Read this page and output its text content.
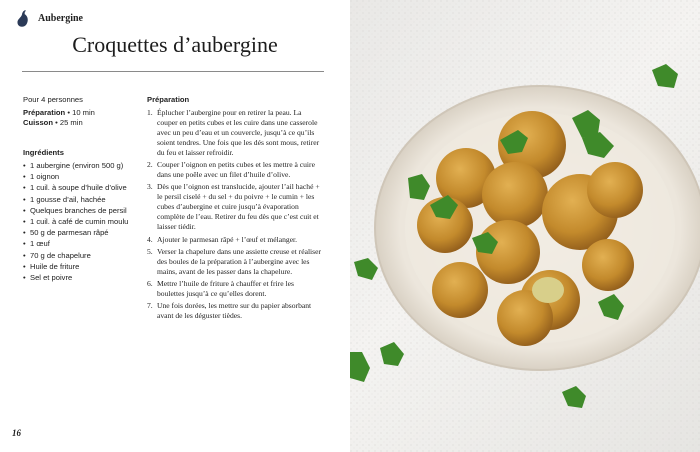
Aubergine
Croquettes d’aubergine
Pour 4 personnes
Préparation • 10 min
Cuisson • 25 min
Ingrédients
• 1 aubergine (environ 500 g)
• 1 oignon
• 1 cuil. à soupe d’huile d’olive
• 1 gousse d’ail, hachée
• Quelques branches de persil
• 1 cuil. à café de cumin moulu
• 50 g de parmesan râpé
• 1 œuf
• 70 g de chapelure
• Huile de friture
• Sel et poivre
Préparation
1. Éplucher l’aubergine pour en retirer la peau. La couper en petits cubes et les cuire dans une casserole avec un peu d’eau et un couvercle, jusqu’à ce qu’ils soient tendres. Une fois que les dés sont mous, retirer du feu et laisser refroidir.
2. Couper l’oignon en petits cubes et les mettre à cuire dans une poêle avec un filet d’huile d’olive.
3. Dès que l’oignon est translucide, ajouter l’ail haché + le persil ciselé + du sel + du poivre + le cumin + les cubes d’aubergine et cuire jusqu’à évaporation complète de l’eau. Retirer du feu dès que c’est cuit et laisser tiédir.
4. Ajouter le parmesan râpé + l’œuf et mélanger.
5. Verser la chapelure dans une assiette creuse et réaliser des boules de la préparation à l’aubergine avec les mains, avant de les passer dans la chapelure.
6. Mettre l’huile de friture à chauffer et frire les boulettes jusqu’à ce qu’elles dorent.
7. Une fois dorées, les mettre sur du papier absorbant avant de les déguster tièdes.
16
